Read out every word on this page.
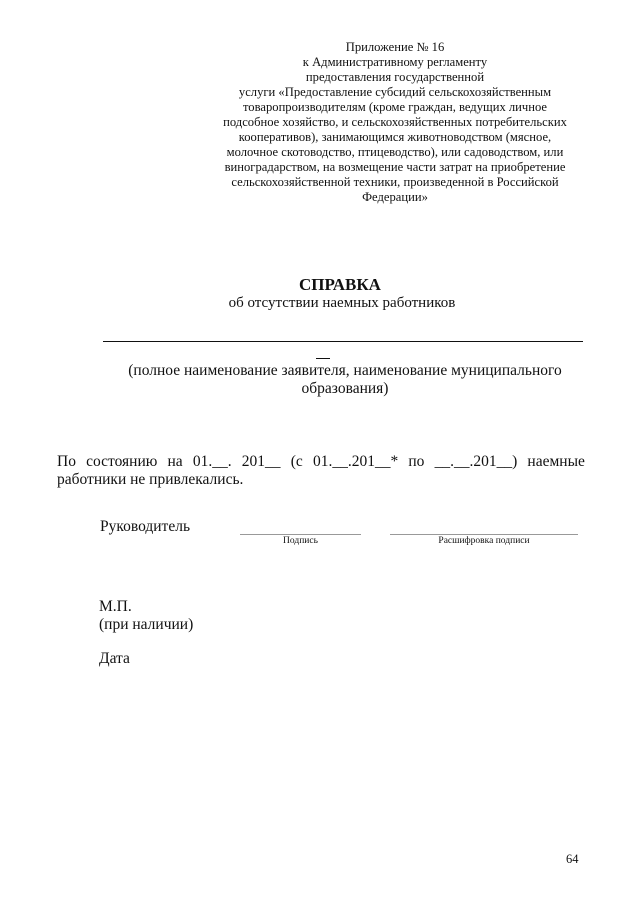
Приложение № 16
к Административному регламенту
предоставления государственной
услуги «Предоставление субсидий сельскохозяйственным
товаропроизводителям (кроме граждан, ведущих личное
подсобное хозяйство, и сельскохозяйственных потребительских
кооперативов), занимающимся животноводством (мясное,
молочное скотоводство, птицеводство), или садоводством, или
виноградарством, на возмещение части затрат на приобретение
сельскохозяйственной техники, произведенной в Российской
Федерации»
СПРАВКА
об отсутствии наемных работников
(полное наименование заявителя, наименование муниципального
образования)
По состоянию на 01.__. 201__ (с 01.__.201__* по __.__.201__) наемные
работники не привлекались.
Руководитель
Подпись	Расшифровка подписи
М.П.
(при наличии)
Дата
64
